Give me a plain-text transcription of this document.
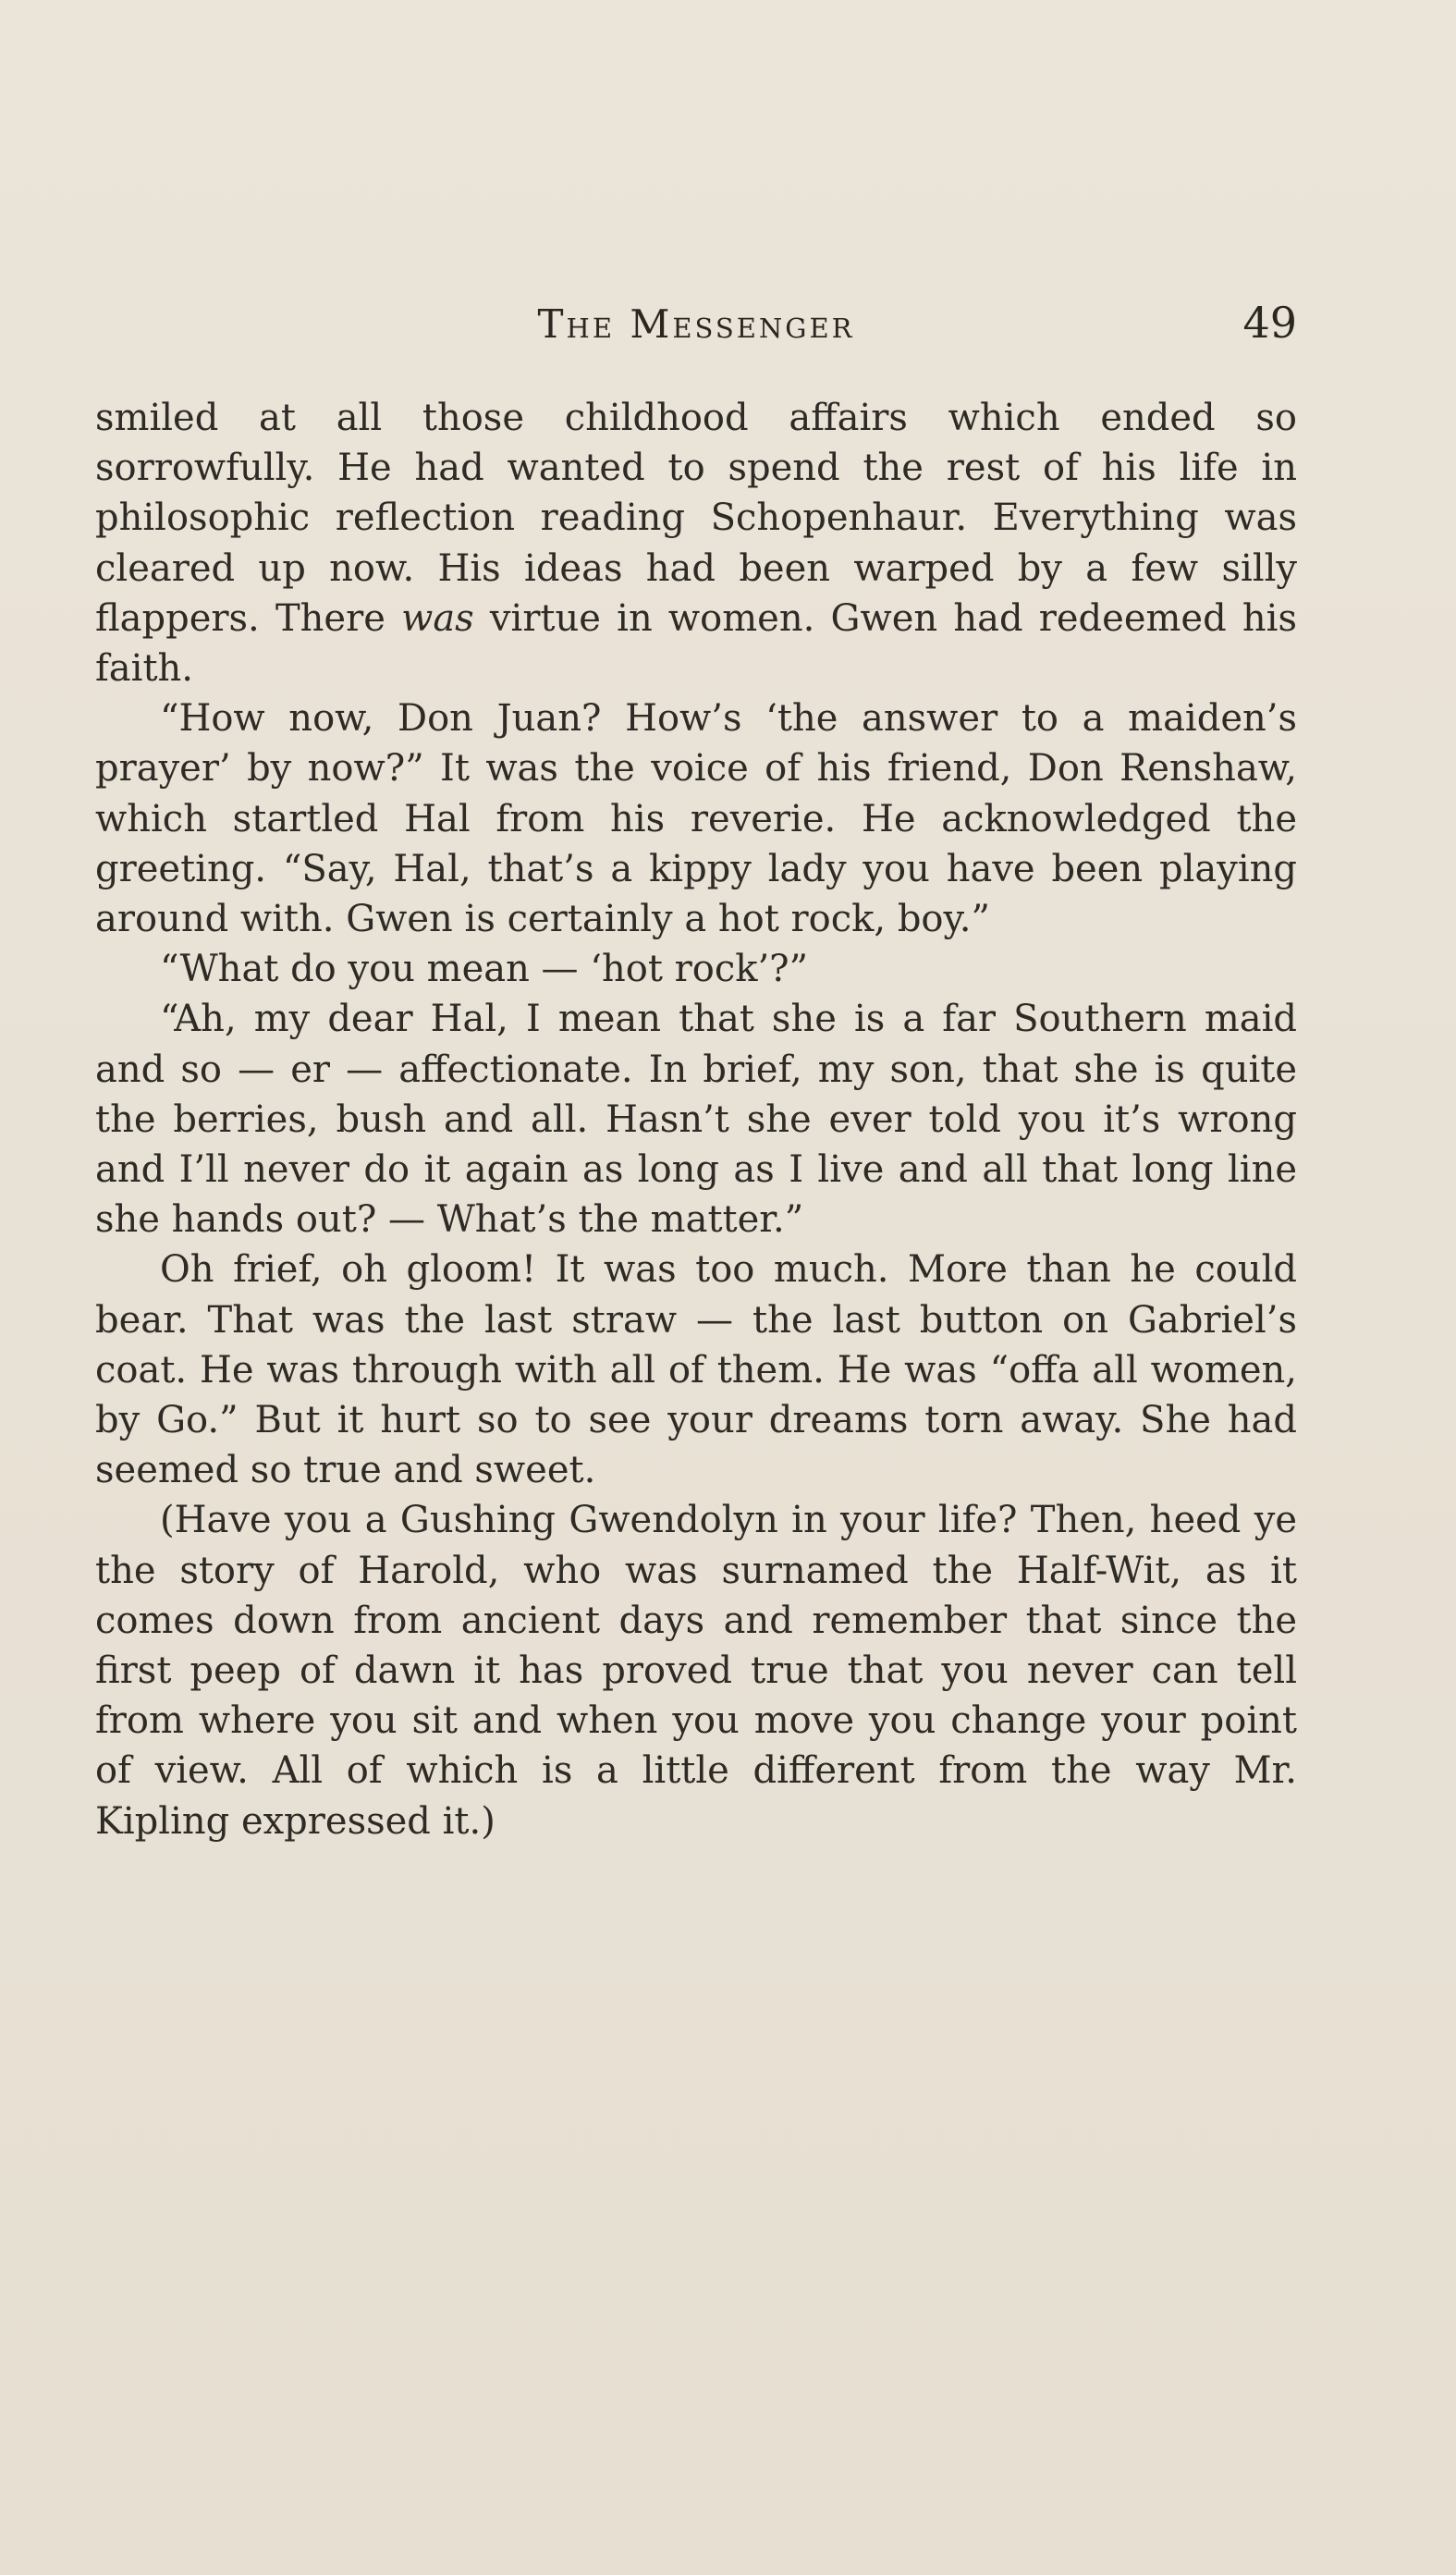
The Messenger	49

smiled at all those childhood affairs which ended so sorrowfully. He had wanted to spend the rest of his life in philosophic reflection reading Schopenhaur. Everything was cleared up now. His ideas had been warped by a few silly flappers. There was virtue in women. Gwen had redeemed his faith.

“How now, Don Juan? How’s ‘the answer to a maiden’s prayer’ by now?” It was the voice of his friend, Don Renshaw, which startled Hal from his reverie. He acknowledged the greeting. “Say, Hal, that’s a kippy lady you have been playing around with. Gwen is certainly a hot rock, boy.”

“What do you mean — ‘hot rock’?”

“Ah, my dear Hal, I mean that she is a far Southern maid and so — er — affectionate. In brief, my son, that she is quite the berries, bush and all. Hasn’t she ever told you it’s wrong and I’ll never do it again as long as I live and all that long line she hands out? — What’s the matter.”

Oh frief, oh gloom! It was too much. More than he could bear. That was the last straw — the last button on Gabriel’s coat. He was through with all of them. He was “offa all women, by Go.” But it hurt so to see your dreams torn away. She had seemed so true and sweet.

(Have you a Gushing Gwendolyn in your life? Then, heed ye the story of Harold, who was surnamed the Half-Wit, as it comes down from ancient days and remember that since the first peep of dawn it has proved true that you never can tell from where you sit and when you move you change your point of view. All of which is a little different from the way Mr. Kipling expressed it.)
